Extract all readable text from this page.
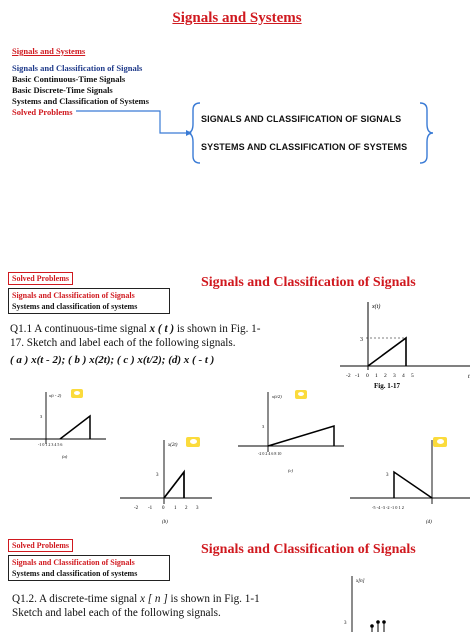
Signals and Systems
Signals and Systems
Signals and Classification of Signals
Basic Continuous-Time Signals
Basic Discrete-Time Signals
Systems and Classification of Systems
Solved Problems
SIGNALS AND CLASSIFICATION OF SIGNALS
SYSTEMS AND CLASSIFICATION OF SYSTEMS
Solved Problems	Signals and Classification of Signals
Signals and Classification of Signals
Systems and classification of systems
Q1.1 A continuous-time signal x ( t ) is shown in Fig. 1-
17. Sketch and label each of the following signals.
( a ) x(t - 2); ( b ) x(2t); ( c ) x(t/2); (d) x ( - t )
x(t)
3
t
-2 -1 0 1 2 3 4 5
Fig. 1-17
x(t - 2)
3
-1 0 1 2 3 4 5 6
(a)
x(2t)
3
-2 -1 0 1 2 3
(b)
x(t/2)
3
-2 0 2 4 6 8 10
(c)
3
-5 -4 -3 -2 -1 0 1 2
(d)
Solved Problems	Signals and Classification of Signals
Signals and Classification of Signals
Systems and classification of systems
Q1.2. A discrete-time signal x [ n ] is shown in Fig. 1-1
Sketch and label each of the following signals.
x[n]
3
